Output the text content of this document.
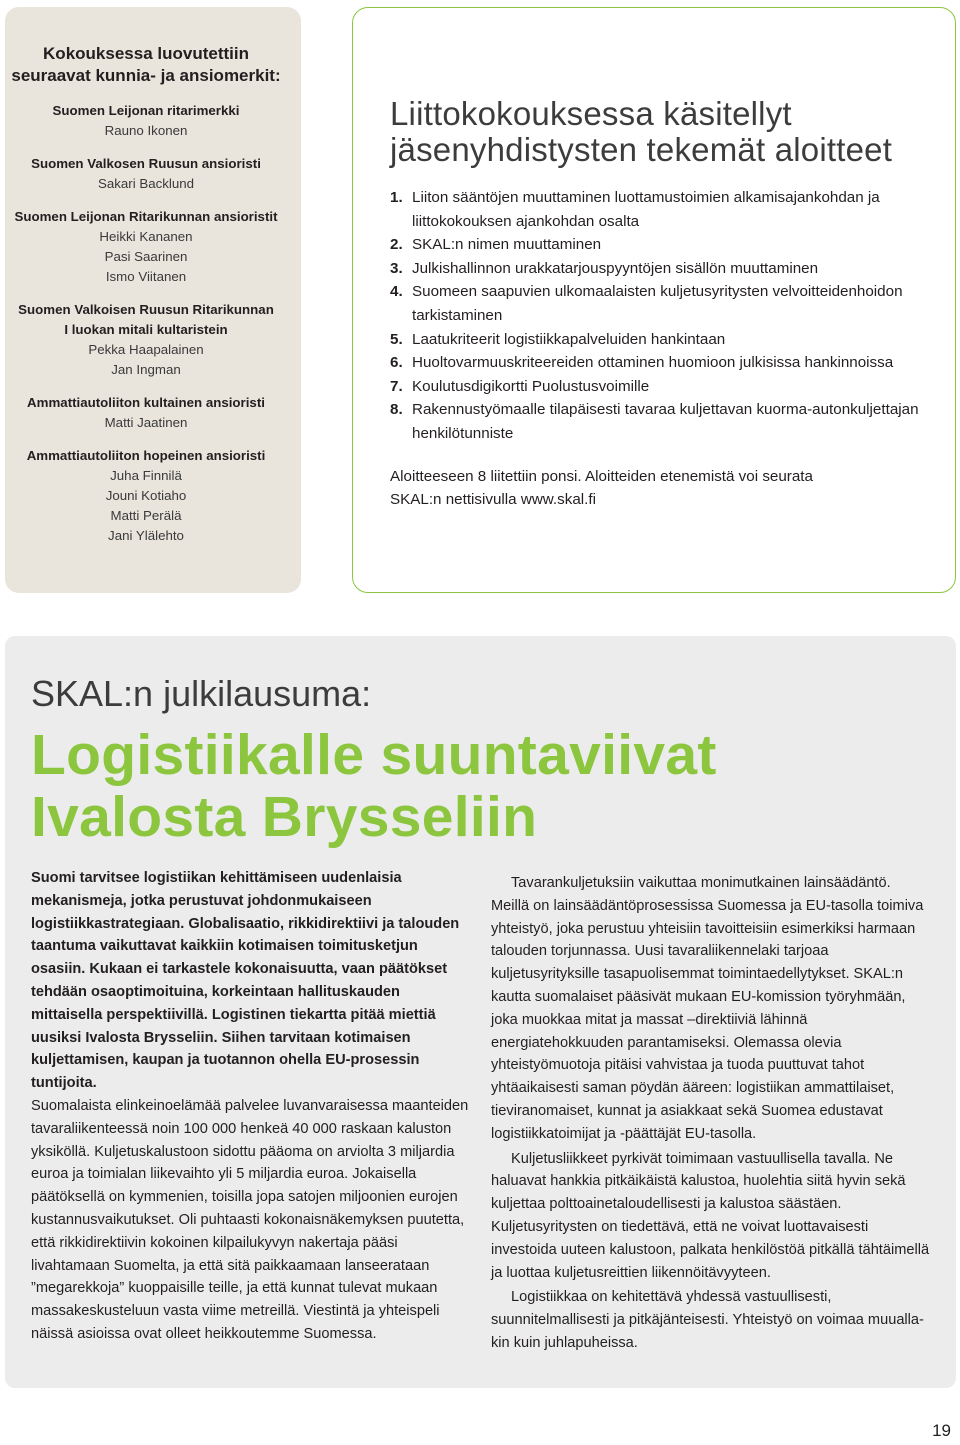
Kokouksessa luovutettiin
seuraavat kunnia- ja ansiomerkit:
Suomen Leijonan ritarimerkki
Rauno Ikonen
Suomen Valkosen Ruusun ansioristi
Sakari Backlund
Suomen Leijonan Ritarikunnan ansioristit
Heikki Kananen
Pasi Saarinen
Ismo Viitanen
Suomen Valkoisen Ruusun Ritarikunnan
I luokan mitali kultaristein
Pekka Haapalainen
Jan Ingman
Ammattiautoliiton kultainen ansioristi
Matti Jaatinen
Ammattiautoliiton hopeinen ansioristi
Juha Finnilä
Jouni Kotiaho
Matti Perälä
Jani Ylälehto
Liittokokouksessa käsitellyt
jäsenyhdistysten tekemät aloitteet
1. Liiton sääntöjen muuttaminen luottamustoimien alkamisajankohdan ja liittokokouksen ajankohdan osalta
2. SKAL:n nimen muuttaminen
3. Julkishallinnon urakkatarjouspyyntöjen sisällön muuttaminen
4. Suomeen saapuvien ulkomaalaisten kuljetusyritysten velvoitteidenhoidon tarkistaminen
5. Laatukriteerit logistiikkapalveluiden hankintaan
6. Huoltovarmuuskriteereiden ottaminen huomioon julkisissa hankinnoissa
7. Koulutusdigikortti Puolustusvoimille
8. Rakennustyömaalle tilapäisesti tavaraa kuljettavan kuorma-autonkuljettajan henkilötunniste
Aloitteeseen 8 liitettiin ponsi. Aloitteiden etenemistä voi seurata
SKAL:n nettisivulla www.skal.fi
SKAL:n julkilausuma:
Logistiikalle suuntaviivat
Ivalosta Brysseliin

Suomi tarvitsee logistiikan kehittämiseen uudenlaisia mekanismeja, jotka perustuvat johdonmukaiseen logistiikkastrategiaan. Globalisaatio, rikkidirektiivi ja talouden taantuma vaikuttavat kaikkiin kotimaisen toimitusketjun osasiin. Kukaan ei tarkastele kokonaisuutta, vaan päätökset tehdään osaoptimoituina, korkeintaan hallituskauden mittaisella perspektiivillä. Logistinen tiekartta pitää miettiä uusiksi Ivalosta Brysseliin. Siihen tarvitaan kotimaisen kuljettamisen, kaupan ja tuotannon ohella EU-prosessin tuntijoita.

Suomalaista elinkeinoelämää palvelee luvanvaraisessa maanteiden tavaraliikenteessä noin 100 000 henkeä 40 000 raskaan kaluston yksiköllä. Kuljetuskalustoon sidottu pääoma on arviolta 3 miljardia euroa ja toimialan liikevaihto yli 5 miljardia euroa. Jokaisella päätöksellä on kymmenien, toisilla jopa satojen miljoonien eurojen kustannusvaikutukset. Oli puhtaasti kokonaisnäkemyksen puutetta, että rikkidirektiivin kokoinen kilpailukyvyn nakertaja pääsi livahtamaan Suomelta, ja että sitä paikkaamaan lanseerataan ”megarekkoja” kuoppaisille teille, ja että kunnat tulevat mukaan massakeskusteluun vasta viime metreillä. Viestintä ja yhteispeli näissä asioissa ovat olleet heikkoutemme Suomessa.

Tavarankuljetuksiin vaikuttaa monimutkainen lainsäädäntö. Meillä on lainsäädäntöprosessissa Suomessa ja EU-tasolla toimiva yhteistyö, joka perustuu yhteisiin tavoitteisiin esimerkiksi harmaan talouden torjunnassa. Uusi tavaraliikennelaki tarjoaa kuljetusyrityksille tasapuolisemmat toimintaedellytykset. SKAL:n kautta suomalaiset pääsivät mukaan EU-komission työryhmään, joka muokkaa mitat ja massat –direktiiviä lähinnä energiatehokkuuden parantamiseksi. Olemassa olevia yhteistyömuotoja pitäisi vahvistaa ja tuoda puuttuvat tahot yhtäaikaisesti saman pöydän ääreen: logistiikan ammattilaiset, tieviranomaiset, kunnat ja asiakkaat sekä Suomea edustavat logistiikkatoimijat ja -päättäjät EU-tasolla.

Kuljetusliikkeet pyrkivät toimimaan vastuullisella tavalla. Ne haluavat hankkia pitkäikäistä kalustoa, huolehtia siitä hyvin sekä kuljettaa polttoainetaloudellisesti ja kalustoa säästäen. Kuljetusyritysten on tiedettävä, että ne voivat luottavaisesti investoida uuteen kalustoon, palkata henkilöstöä pitkällä tähtäimellä ja luottaa kuljetusreittien liikennöitävyyteen.

Logistiikkaa on kehitettävä yhdessä vastuullisesti, suunnitelmallisesti ja pitkäjänteisesti. Yhteistyö on voimaa muuallakin kuin juhlapuheissa.

19
